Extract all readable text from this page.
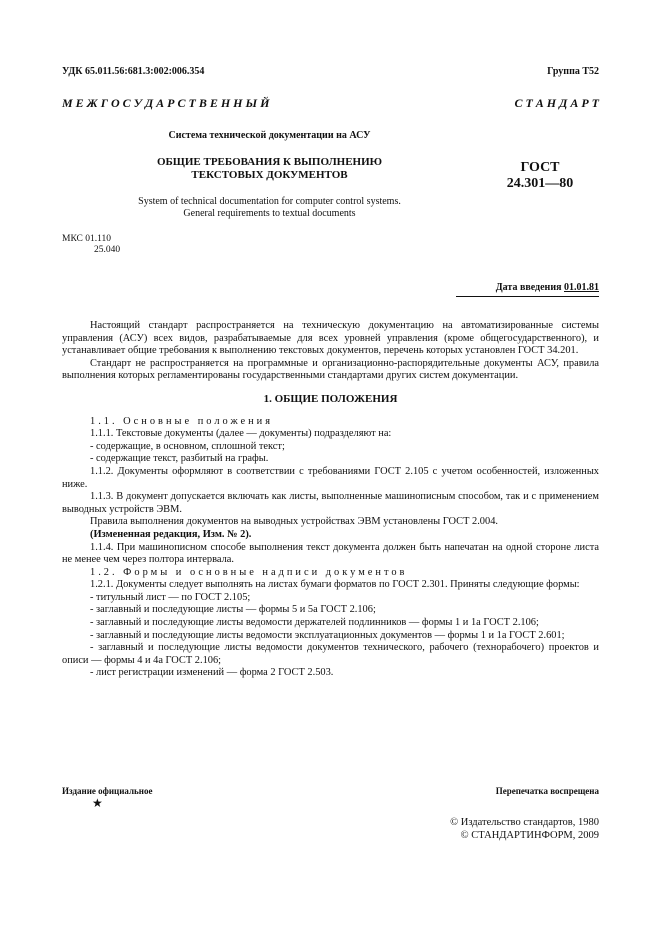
УДК 65.011.56:681.3:002:006.354	Группа Т52
М Е Ж Г О С У Д А Р С Т В Е Н Н Ы Й	С Т А Н Д А Р Т
Система технической документации на АСУ
ОБЩИЕ ТРЕБОВАНИЯ К ВЫПОЛНЕНИЮ
ТЕКСТОВЫХ ДОКУМЕНТОВ	ГОСТ
24.301—80
System of technical documentation for computer control systems.
General requirements to textual documents
МКС 01.110
25.040
Дата введения 01.01.81

Настоящий стандарт распространяется на техническую документацию на автоматизированные системы управления (АСУ) всех видов, разрабатываемые для всех уровней управления (кроме общегосударственного), и устанавливает общие требования к выполнению текстовых документов, перечень которых установлен ГОСТ 34.201.

Стандарт не распространяется на программные и организационно-распорядительные документы АСУ, правила выполнения которых регламентированы государственными стандартами других систем документации.

1. ОБЩИЕ ПОЛОЖЕНИЯ

1.1. Основные положения

1.1.1. Текстовые документы (далее — документы) подразделяют на:

- содержащие, в основном, сплошной текст;

- содержащие текст, разбитый на графы.

1.1.2. Документы оформляют в соответствии с требованиями ГОСТ 2.105 с учетом особенностей, изложенных ниже.

1.1.3. В документ допускается включать как листы, выполненные машинописным способом, так и с применением выводных устройств ЭВМ.

Правила выполнения документов на выводных устройствах ЭВМ установлены ГОСТ 2.004.

(Измененная редакция, Изм. № 2).

1.1.4. При машинописном способе выполнения текст документа должен быть напечатан на одной стороне листа не менее чем через полтора интервала.

1.2. Формы и основные надписи документов

1.2.1. Документы следует выполнять на листах бумаги форматов по ГОСТ 2.301. Приняты следующие формы:

- титульный лист — по ГОСТ 2.105;

- заглавный и последующие листы — формы 5 и 5а ГОСТ 2.106;

- заглавный и последующие листы ведомости держателей подлинников — формы 1 и 1а ГОСТ 2.106;

- заглавный и последующие листы ведомости эксплуатационных документов — формы 1 и 1а ГОСТ 2.601;

- заглавный и последующие листы ведомости документов технического, рабочего (технорабочего) проектов и описи — формы 4 и 4а ГОСТ 2.106;

- лист регистрации изменений — форма 2 ГОСТ 2.503.

Издание официальное	Перепечатка воспрещена
★
© Издательство стандартов, 1980
© СТАНДАРТИНФОРМ, 2009
